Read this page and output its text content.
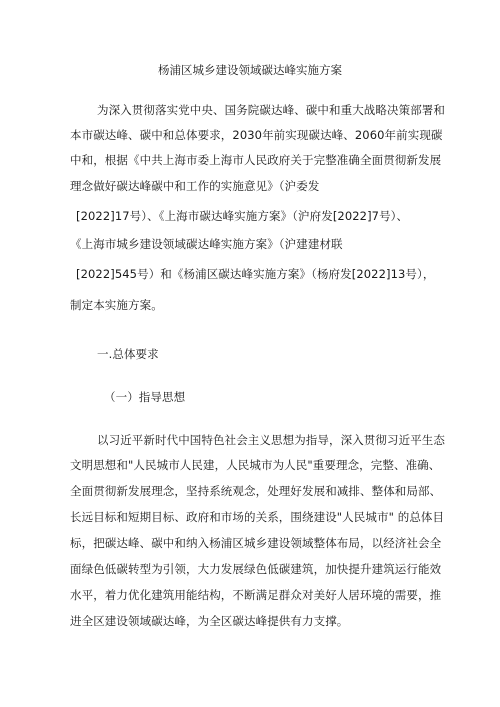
杨浦区城乡建设领域碳达峰实施方案
为深入贯彻落实党中央、国务院碳达峰、碳中和重大战略决策部署和
本市碳达峰、碳中和总体要求，2030年前实现碳达峰、2060年前实现碳
中和，根据《中共上海市委上海市人民政府关于完整准确全面贯彻新发展
理念做好碳达峰碳中和工作的实施意见》（沪委发
[2022]17号）、《上海市碳达峰实施方案》（沪府发[2022]7号）、
《上海市城乡建设领域碳达峰实施方案》（沪建建材联
[2022]545号）和《杨浦区碳达峰实施方案》（杨府发[2022]13号），
制定本实施方案。
一.总体要求
（一）指导思想
以习近平新时代中国特色社会主义思想为指导，深入贯彻习近平生态
文明思想和"人民城市人民建，人民城市为人民"重要理念，完整、准确、
全面贯彻新发展理念，坚持系统观念，处理好发展和减排、整体和局部、
长远目标和短期目标、政府和市场的关系，围绕建设"人民城市" 的总体目
标，把碳达峰、碳中和纳入杨浦区城乡建设领域整体布局，以经济社会全
面绿色低碳转型为引领，大力发展绿色低碳建筑，加快提升建筑运行能效
水平，着力优化建筑用能结构，不断满足群众对美好人居环境的需要，推
进全区建设领域碳达峰，为全区碳达峰提供有力支撑。
